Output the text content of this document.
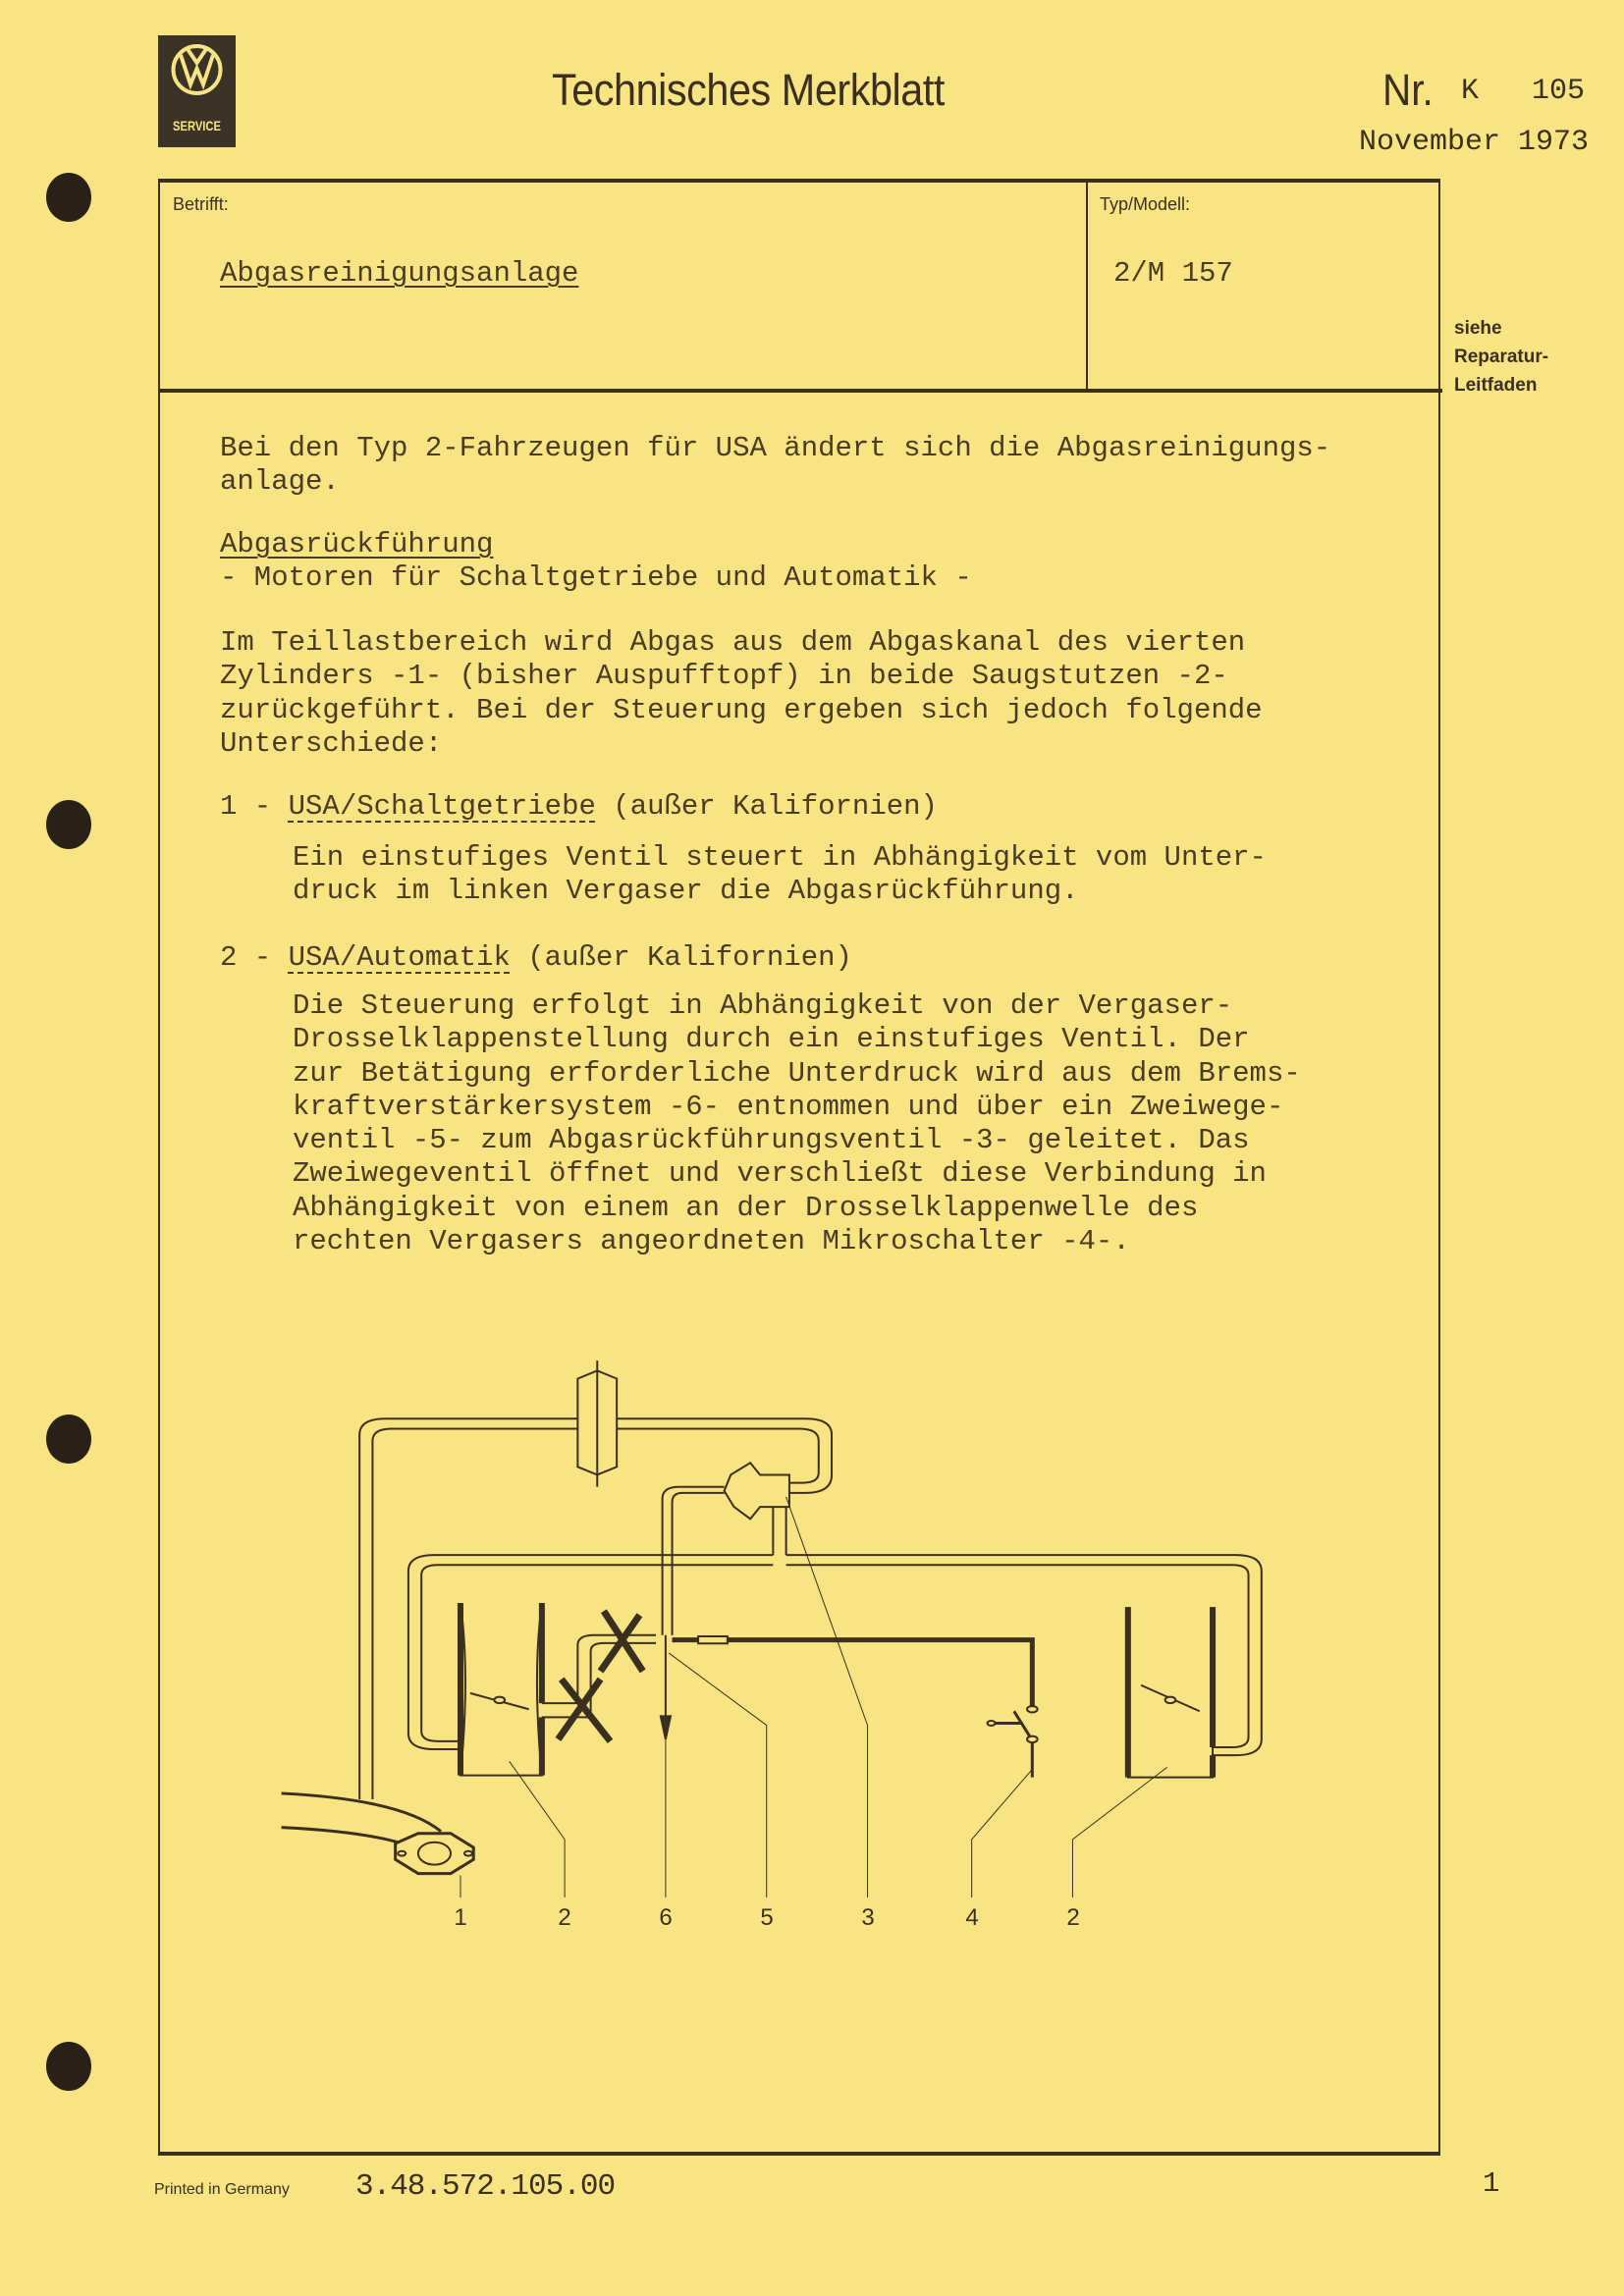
SERVICE
Technisches Merkblatt	Nr. K   105
November 1973
Betrifft:
Abgasreinigungsanlage
Typ/Modell:
2/M 157
siehe
Reparatur-
Leitfaden
Bei den Typ 2-Fahrzeugen für USA ändert sich die Abgasreinigungs-
anlage.
Abgasrückführung
- Motoren für Schaltgetriebe und Automatik -
Im Teillastbereich wird Abgas aus dem Abgaskanal des vierten
Zylinders -1- (bisher Auspufftopf) in beide Saugstutzen -2-
zurückgeführt. Bei der Steuerung ergeben sich jedoch folgende
Unterschiede:
1 - USA/Schaltgetriebe (außer Kalifornien)
Ein einstufiges Ventil steuert in Abhängigkeit vom Unter-
druck im linken Vergaser die Abgasrückführung.
2 - USA/Automatik (außer Kalifornien)
Die Steuerung erfolgt in Abhängigkeit von der Vergaser-
Drosselklappenstellung durch ein einstufiges Ventil. Der
zur Betätigung erforderliche Unterdruck wird aus dem Brems-
kraftverstärkersystem -6- entnommen und über ein Zweiwege-
ventil -5- zum Abgasrückführungsventil -3- geleitet. Das
Zweiwegeventil öffnet und verschließt diese Verbindung in
Abhängigkeit von einem an der Drosselklappenwelle des
rechten Vergasers angeordneten Mikroschalter -4-.
1	2	6	5	3	4	2
Printed in Germany 3.48.572.105.00	1
